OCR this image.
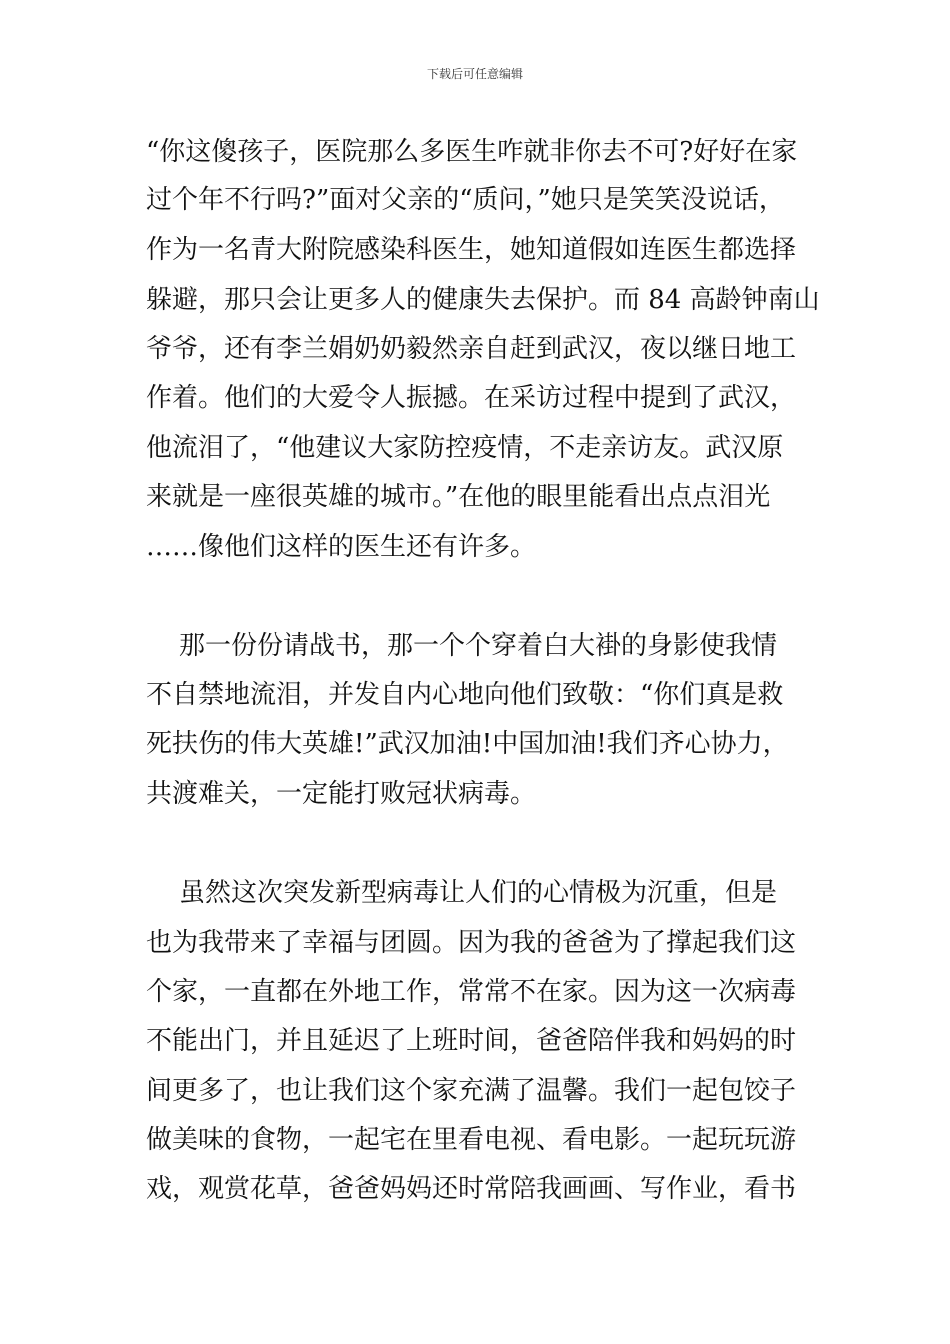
下载后可任意编辑
“你这傻孩子，医院那么多医生咋就非你去不可?好好在家
过个年不行吗?”面对父亲的“质问，”她只是笑笑没说话，
作为一名青大附院感染科医生，她知道假如连医生都选择
躲避，那只会让更多人的健康失去保护。而 84 高龄钟南山
爷爷，还有李兰娟奶奶毅然亲自赶到武汉，夜以继日地工
作着。他们的大爱令人振撼。在采访过程中提到了武汉，
他流泪了，“他建议大家防控疫情，不走亲访友。武汉原
来就是一座很英雄的城市。”在他的眼里能看出点点泪光
……像他们这样的医生还有许多。
那一份份请战书，那一个个穿着白大褂的身影使我情
不自禁地流泪，并发自内心地向他们致敬：“你们真是救
死扶伤的伟大英雄!”武汉加油!中国加油!我们齐心协力，
共渡难关，一定能打败冠状病毒。
虽然这次突发新型病毒让人们的心情极为沉重，但是
也为我带来了幸福与团圆。因为我的爸爸为了撑起我们这
个家，一直都在外地工作，常常不在家。因为这一次病毒
不能出门，并且延迟了上班时间，爸爸陪伴我和妈妈的时
间更多了，也让我们这个家充满了温馨。我们一起包饺子
做美味的食物，一起宅在里看电视、看电影。一起玩玩游
戏，观赏花草，爸爸妈妈还时常陪我画画、写作业，看书
